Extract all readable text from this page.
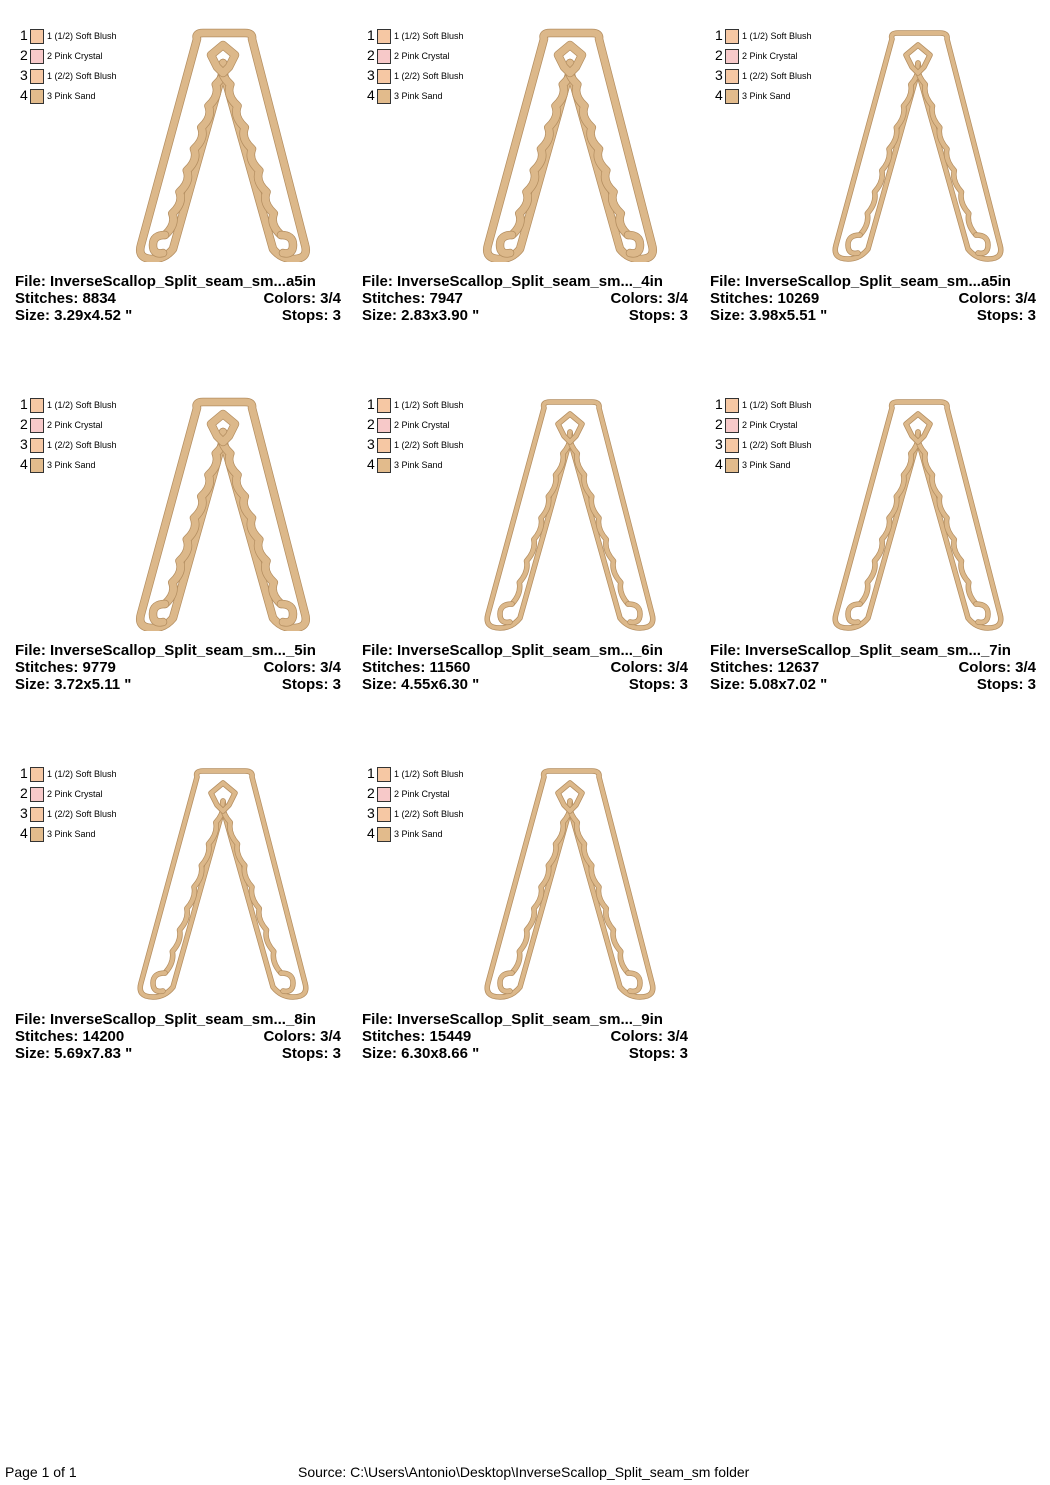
1 1 (1/2) Soft Blush
2 2 Pink Crystal
3 1 (2/2) Soft Blush
4 3 Pink Sand
File: InverseScallop_Split_seam_sm...a5in
Stitches: 8834	Colors: 3/4
Size: 3.29x4.52 "	Stops: 3
1 1 (1/2) Soft Blush
2 2 Pink Crystal
3 1 (2/2) Soft Blush
4 3 Pink Sand
File: InverseScallop_Split_seam_sm..._4in
Stitches: 7947	Colors: 3/4
Size: 2.83x3.90 "	Stops: 3
1 1 (1/2) Soft Blush
2 2 Pink Crystal
3 1 (2/2) Soft Blush
4 3 Pink Sand
File: InverseScallop_Split_seam_sm...a5in
Stitches: 10269	Colors: 3/4
Size: 3.98x5.51 "	Stops: 3
1 1 (1/2) Soft Blush
2 2 Pink Crystal
3 1 (2/2) Soft Blush
4 3 Pink Sand
File: InverseScallop_Split_seam_sm..._5in
Stitches: 9779	Colors: 3/4
Size: 3.72x5.11 "	Stops: 3
1 1 (1/2) Soft Blush
2 2 Pink Crystal
3 1 (2/2) Soft Blush
4 3 Pink Sand
File: InverseScallop_Split_seam_sm..._6in
Stitches: 11560	Colors: 3/4
Size: 4.55x6.30 "	Stops: 3
1 1 (1/2) Soft Blush
2 2 Pink Crystal
3 1 (2/2) Soft Blush
4 3 Pink Sand
File: InverseScallop_Split_seam_sm..._7in
Stitches: 12637	Colors: 3/4
Size: 5.08x7.02 "	Stops: 3
1 1 (1/2) Soft Blush
2 2 Pink Crystal
3 1 (2/2) Soft Blush
4 3 Pink Sand
File: InverseScallop_Split_seam_sm..._8in
Stitches: 14200	Colors: 3/4
Size: 5.69x7.83 "	Stops: 3
1 1 (1/2) Soft Blush
2 2 Pink Crystal
3 1 (2/2) Soft Blush
4 3 Pink Sand
File: InverseScallop_Split_seam_sm..._9in
Stitches: 15449	Colors: 3/4
Size: 6.30x8.66 "	Stops: 3
Page 1 of 1	Source: C:\Users\Antonio\Desktop\InverseScallop_Split_seam_sm folder
